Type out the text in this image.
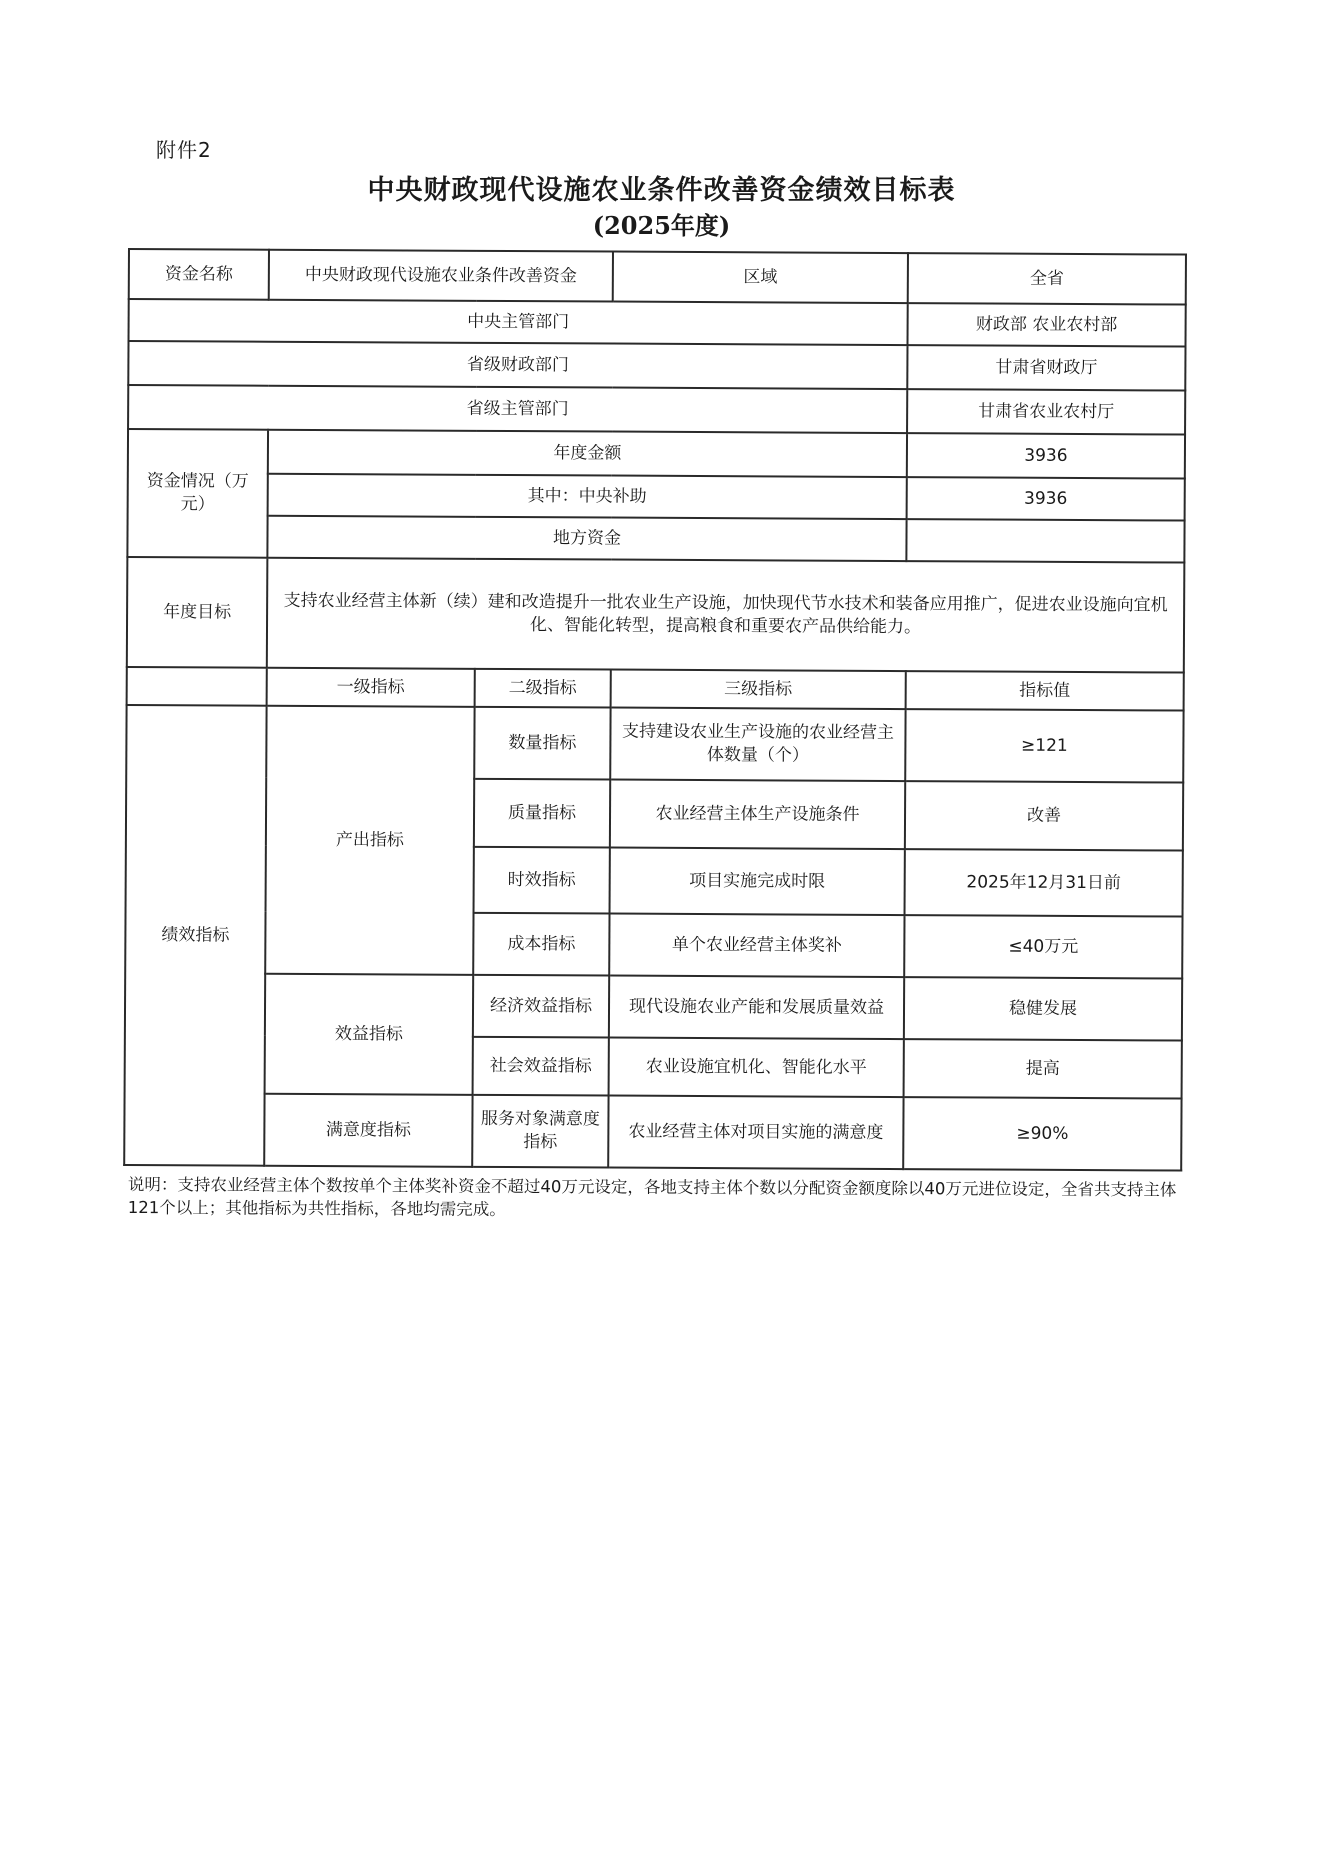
附件2
中央财政现代设施农业条件改善资金绩效目标表
(2025年度)
资金名称	中央财政现代设施农业条件改善资金		区域	全省
中央主管部门				财政部 农业农村部
省级财政部门				甘肃省财政厅
省级主管部门				甘肃省农业农村厅
资金情况（万元）	年度金额			3936
	其中：中央补助			3936
	地方资金			
年度目标	支持农业经营主体新（续）建和改造提升一批农业生产设施，加快现代节水技术和装备应用推广，促进农业设施向宜机化、智能化转型，提高粮食和重要农产品供给能力。			
	一级指标	二级指标	三级指标	指标值
绩效指标	产出指标	数量指标	支持建设农业生产设施的农业经营主体数量（个）	≥121
		质量指标	农业经营主体生产设施条件	改善
		时效指标	项目实施完成时限	2025年12月31日前
		成本指标	单个农业经营主体奖补	≤40万元
	效益指标	经济效益指标	现代设施农业产能和发展质量效益	稳健发展
		社会效益指标	农业设施宜机化、智能化水平	提高
	满意度指标	服务对象满意度指标	农业经营主体对项目实施的满意度	≥90%
说明：支持农业经营主体个数按单个主体奖补资金不超过40万元设定，各地支持主体个数以分配资金额度除以40万元进位设定，全省共支持主体121个以上；其他指标为共性指标，各地均需完成。
